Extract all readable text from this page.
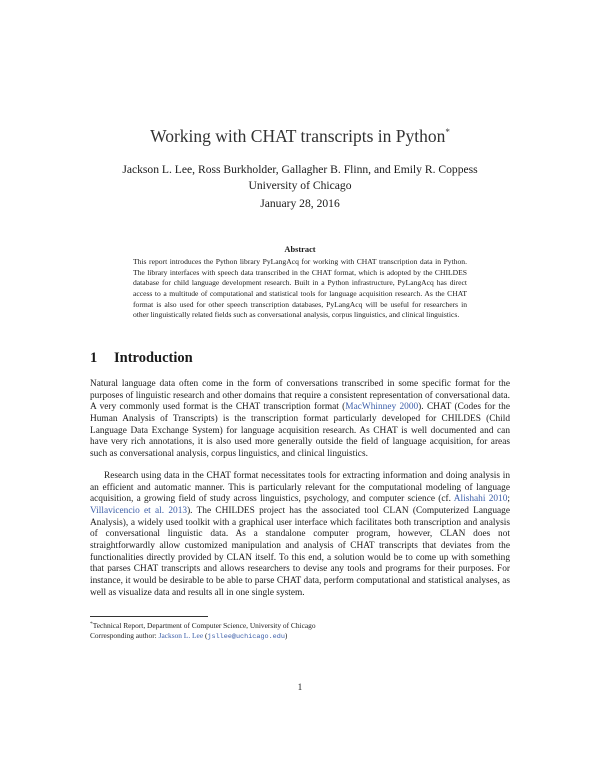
Working with CHAT transcripts in Python*
Jackson L. Lee, Ross Burkholder, Gallagher B. Flinn, and Emily R. Coppess
University of Chicago
January 28, 2016
Abstract

This report introduces the Python library PyLangAcq for working with CHAT transcription data in Python. The library interfaces with speech data transcribed in the CHAT format, which is adopted by the CHILDES database for child language development research. Built in a Python infrastructure, PyLangAcq has direct access to a multitude of computational and statistical tools for language acquisition research. As the CHAT format is also used for other speech transcription databases, PyLangAcq will be useful for researchers in other linguistically related fields such as conversational analysis, corpus linguistics, and clinical linguistics.

1 Introduction

Natural language data often come in the form of conversations transcribed in some specific format for the purposes of linguistic research and other domains that require a consistent representation of conversational data. A very commonly used format is the CHAT transcription format (MacWhinney 2000). CHAT (Codes for the Human Analysis of Transcripts) is the transcription format particularly developed for CHILDES (Child Language Data Exchange System) for language acquisition research. As CHAT is well documented and can have very rich annotations, it is also used more generally outside the field of language acquisition, for areas such as conversational analysis, corpus linguistics, and clinical linguistics.

Research using data in the CHAT format necessitates tools for extracting information and doing analysis in an efficient and automatic manner. This is particularly relevant for the computational modeling of language acquisition, a growing field of study across linguistics, psychology, and computer science (cf. Alishahi 2010; Villavicencio et al. 2013). The CHILDES project has the associated tool CLAN (Computerized Language Analysis), a widely used toolkit with a graphical user interface which facilitates both transcription and analysis of conversational linguistic data. As a standalone computer program, however, CLAN does not straightforwardly allow customized manipulation and analysis of CHAT transcripts that deviates from the functionalities directly provided by CLAN itself. To this end, a solution would be to come up with something that parses CHAT transcripts and allows researchers to devise any tools and programs for their purposes. For instance, it would be desirable to be able to parse CHAT data, perform computational and statistical analyses, as well as visualize data and results all in one single system.

*Technical Report, Department of Computer Science, University of Chicago
Corresponding author: Jackson L. Lee (jsllee@uchicago.edu)
1
